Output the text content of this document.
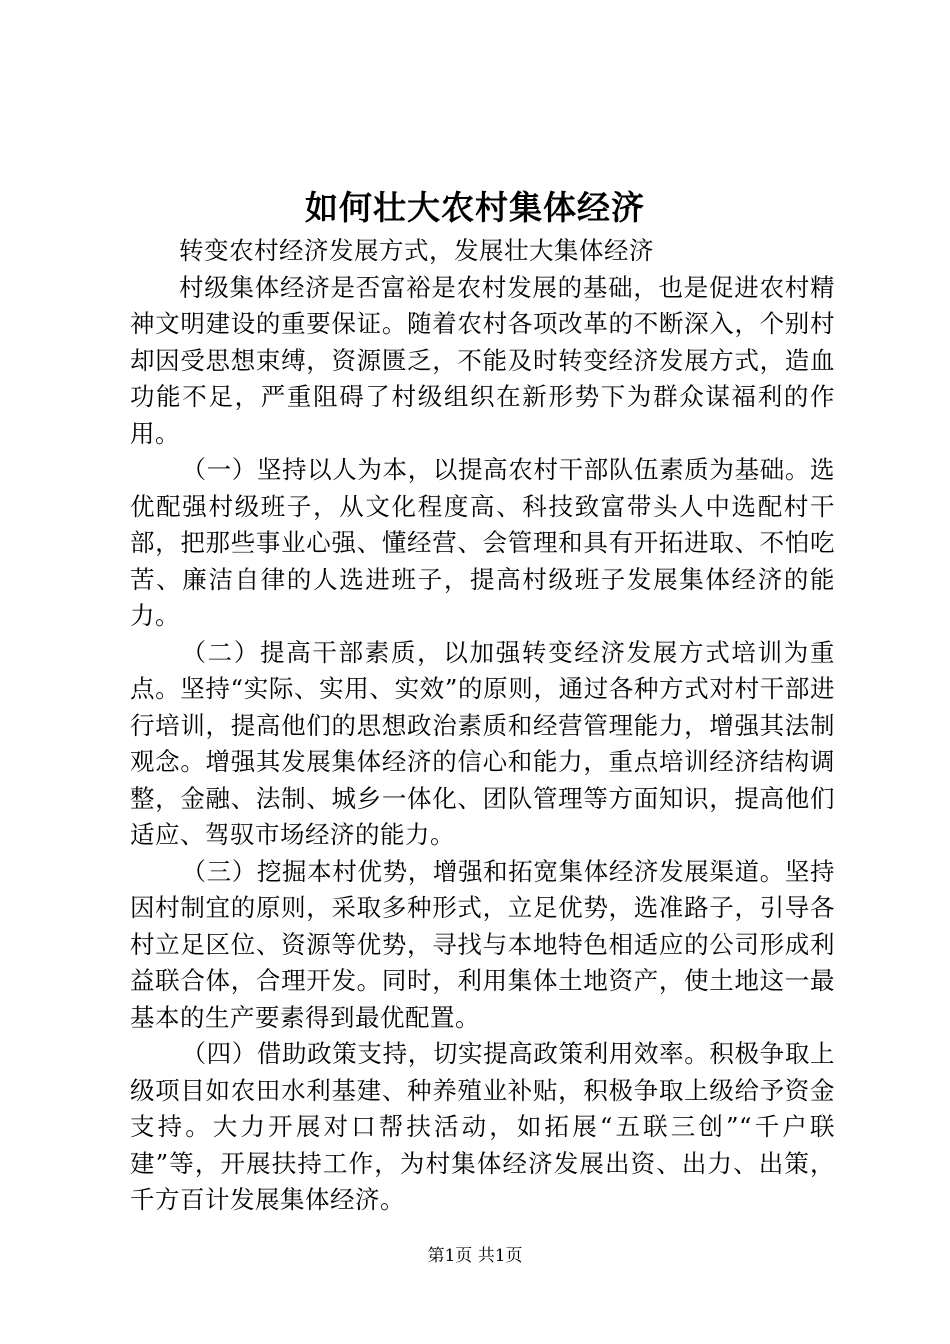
如何壮大农村集体经济

转变农村经济发展方式，发展壮大集体经济

村级集体经济是否富裕是农村发展的基础，也是促进农村精神文明建设的重要保证。随着农村各项改革的不断深入，个别村却因受思想束缚，资源匮乏，不能及时转变经济发展方式，造血功能不足，严重阻碍了村级组织在新形势下为群众谋福利的作用。

（一）坚持以人为本，以提高农村干部队伍素质为基础。选优配强村级班子，从文化程度高、科技致富带头人中选配村干部，把那些事业心强、懂经营、会管理和具有开拓进取、不怕吃苦、廉洁自律的人选进班子，提高村级班子发展集体经济的能力。

（二）提高干部素质，以加强转变经济发展方式培训为重点。坚持“实际、实用、实效”的原则，通过各种方式对村干部进行培训，提高他们的思想政治素质和经营管理能力，增强其法制观念。增强其发展集体经济的信心和能力，重点培训经济结构调整，金融、法制、城乡一体化、团队管理等方面知识，提高他们适应、驾驭市场经济的能力。

（三）挖掘本村优势，增强和拓宽集体经济发展渠道。坚持因村制宜的原则，采取多种形式，立足优势，选准路子，引导各村立足区位、资源等优势，寻找与本地特色相适应的公司形成利益联合体，合理开发。同时，利用集体土地资产，使土地这一最基本的生产要素得到最优配置。

（四）借助政策支持，切实提高政策利用效率。积极争取上级项目如农田水利基建、种养殖业补贴，积极争取上级给予资金支持。大力开展对口帮扶活动，如拓展“五联三创”“千户联建”等，开展扶持工作，为村集体经济发展出资、出力、出策，千方百计发展集体经济。

第1页 共1页
